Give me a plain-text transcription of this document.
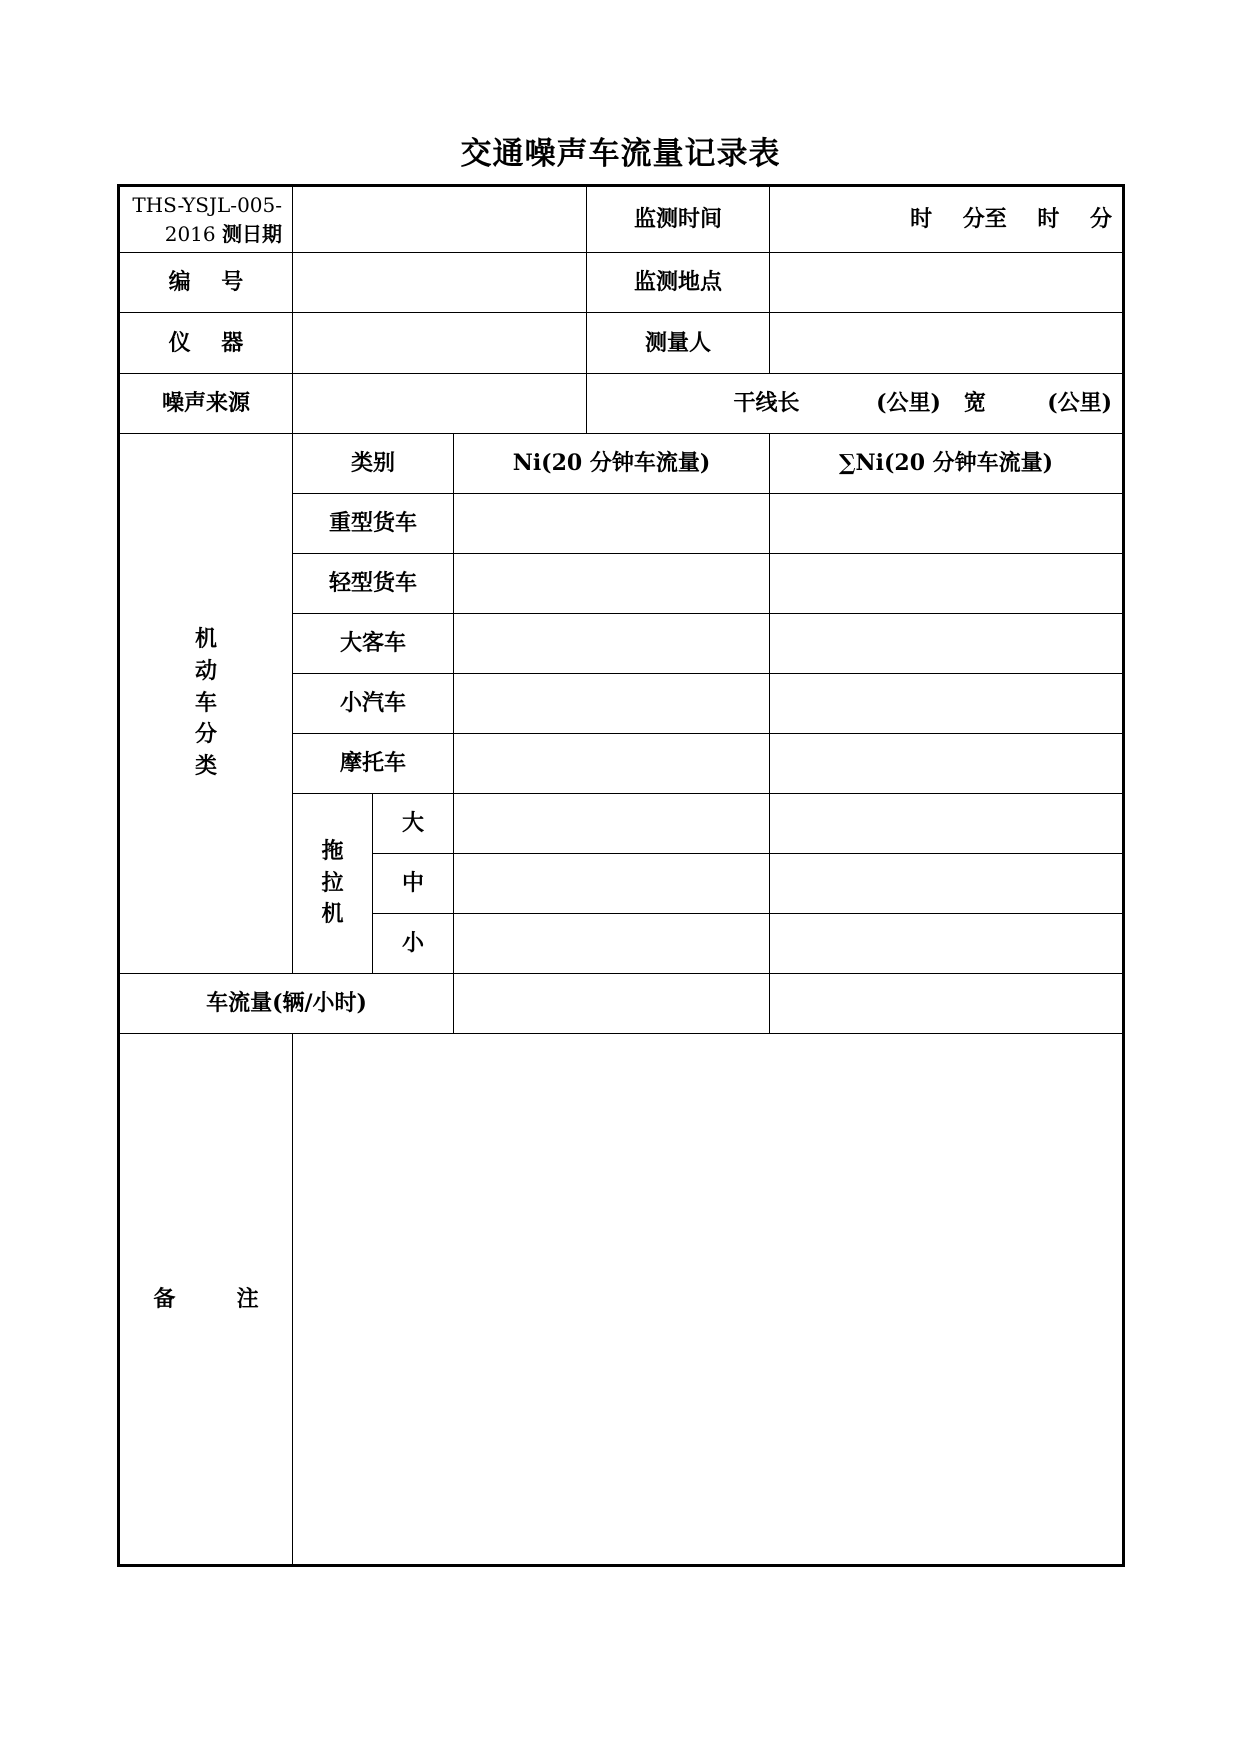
交通噪声车流量记录表
THS-YSJL-005-
2016 测日期				监测时间	时    分至    时    分
编    号				监测地点	
仪    器				测量人	
噪声来源				干线长          (公里)   宽        (公里)	

机
动
车
分
类	类别		Ni(20 分钟车流量)		∑Ni(20 分钟车流量)
	重型货车				
	轻型货车				
	大客车				
	小汽车				
	摩托车				

	拖
拉
机	大			
		中			
		小			
车流量(辆/小时)					
备        注					
